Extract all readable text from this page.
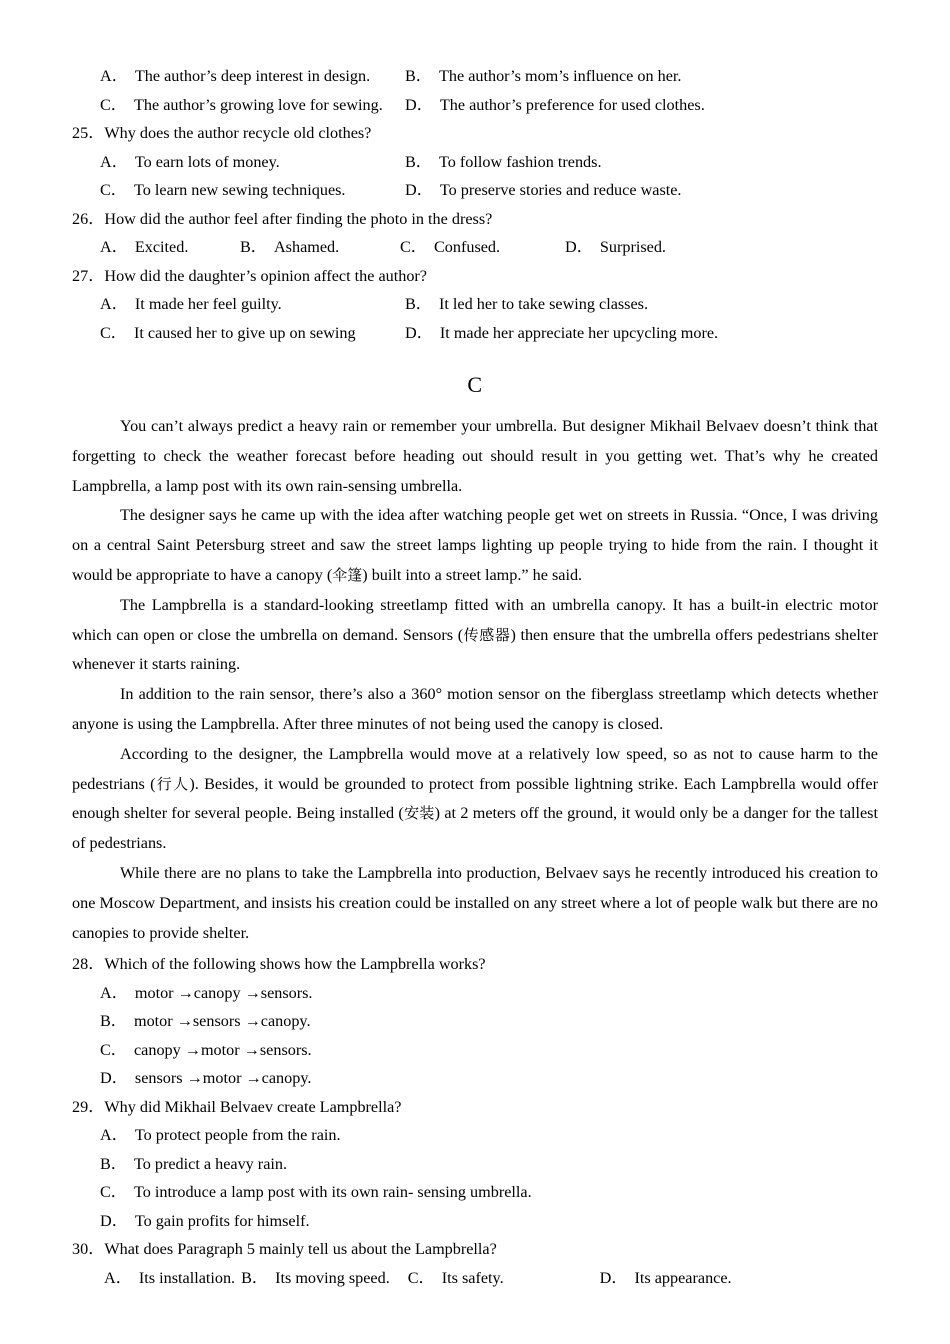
A． The author’s deep interest in design. B． The author’s mom’s influence on her.
C． The author’s growing love for sewing. D． The author’s preference for used clothes.
25．Why does the author recycle old clothes?
A． To earn lots of money.	B． To follow fashion trends.
C． To learn new sewing techniques.	D． To preserve stories and reduce waste.
26．How did the author feel after finding the photo in the dress?
A． Excited.	B． Ashamed.	C． Confused.	D． Surprised.
27．How did the daughter’s opinion affect the author?
A． It made her feel guilty.	B． It led her to take sewing classes.
C． It caused her to give up on sewing	D． It made her appreciate her upcycling more.
C

You can’t always predict a heavy rain or remember your umbrella. But designer Mikhail Belvaev doesn’t think that forgetting to check the weather forecast before heading out should result in you getting wet. That’s why he created Lampbrella, a lamp post with its own rain-sensing umbrella.

The designer says he came up with the idea after watching people get wet on streets in Russia. “Once, I was driving on a central Saint Petersburg street and saw the street lamps lighting up people trying to hide from the rain. I thought it would be appropriate to have a canopy (伞篷) built into a street lamp.” he said.

The Lampbrella is a standard-looking streetlamp fitted with an umbrella canopy. It has a built-in electric motor which can open or close the umbrella on demand. Sensors (传感器) then ensure that the umbrella offers pedestrians shelter whenever it starts raining.

In addition to the rain sensor, there’s also a 360° motion sensor on the fiberglass streetlamp which detects whether anyone is using the Lampbrella. After three minutes of not being used the canopy is closed.

According to the designer, the Lampbrella would move at a relatively low speed, so as not to cause harm to the pedestrians (行人). Besides, it would be grounded to protect from possible lightning strike. Each Lampbrella would offer enough shelter for several people. Being installed (安装) at 2 meters off the ground, it would only be a danger for the tallest of pedestrians.

While there are no plans to take the Lampbrella into production, Belvaev says he recently introduced his creation to one Moscow Department, and insists his creation could be installed on any street where a lot of people walk but there are no canopies to provide shelter.

28．Which of the following shows how the Lampbrella works?
A． motor →canopy →sensors.
B． motor →sensors →canopy.
C． canopy →motor →sensors.
D． sensors →motor →canopy.
29．Why did Mikhail Belvaev create Lampbrella?
A． To protect people from the rain.
B． To predict a heavy rain.
C． To introduce a lamp post with its own rain- sensing umbrella.
D． To gain profits for himself.
30．What does Paragraph 5 mainly tell us about the Lampbrella?
A． Its installation. B． Its moving speed. C． Its safety.	D． Its appearance.
